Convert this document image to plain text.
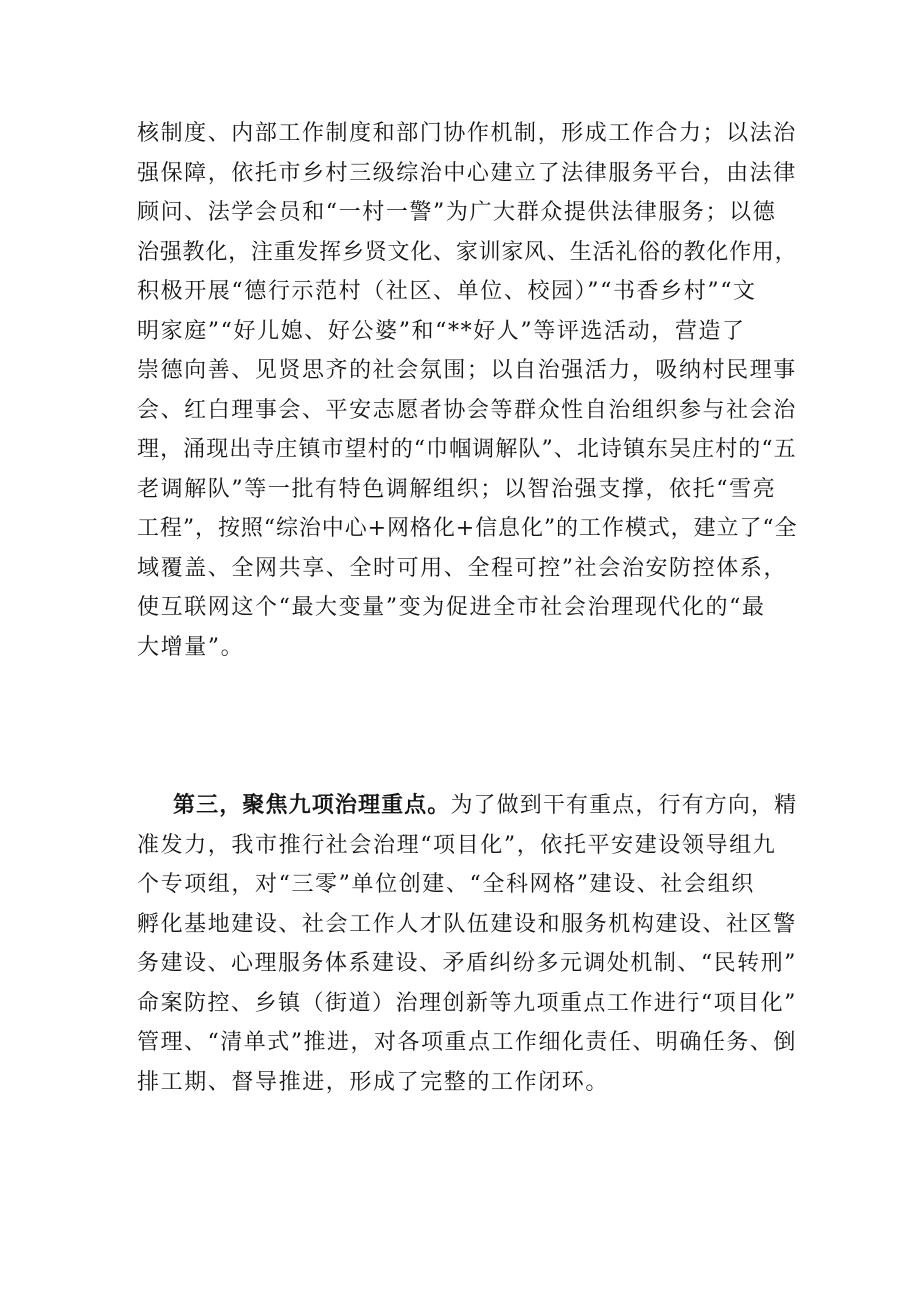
核制度、内部工作制度和部门协作机制，形成工作合力；以法治
强保障，依托市乡村三级综治中心建立了法律服务平台，由法律
顾问、法学会员和“一村一警”为广大群众提供法律服务；以德
治强教化，注重发挥乡贤文化、家训家风、生活礼俗的教化作用，
积极开展“德行示范村（社区、单位、校园）”“书香乡村”“文
明家庭”“好儿媳、好公婆”和“**好人”等评选活动，营造了
崇德向善、见贤思齐的社会氛围；以自治强活力，吸纳村民理事
会、红白理事会、平安志愿者协会等群众性自治组织参与社会治
理，涌现出寺庄镇市望村的“巾帼调解队”、北诗镇东吴庄村的“五
老调解队”等一批有特色调解组织；以智治强支撑，依托“雪亮
工程”，按照“综治中心+网格化+信息化”的工作模式，建立了“全
域覆盖、全网共享、全时可用、全程可控”社会治安防控体系，
使互联网这个“最大变量”变为促进全市社会治理现代化的“最
大增量”。
第三，聚焦九项治理重点。为了做到干有重点，行有方向，精
准发力，我市推行社会治理“项目化”，依托平安建设领导组九
个专项组，对“三零”单位创建、“全科网格”建设、社会组织
孵化基地建设、社会工作人才队伍建设和服务机构建设、社区警
务建设、心理服务体系建设、矛盾纠纷多元调处机制、“民转刑”
命案防控、乡镇（街道）治理创新等九项重点工作进行“项目化”
管理、“清单式”推进，对各项重点工作细化责任、明确任务、倒
排工期、督导推进，形成了完整的工作闭环。
